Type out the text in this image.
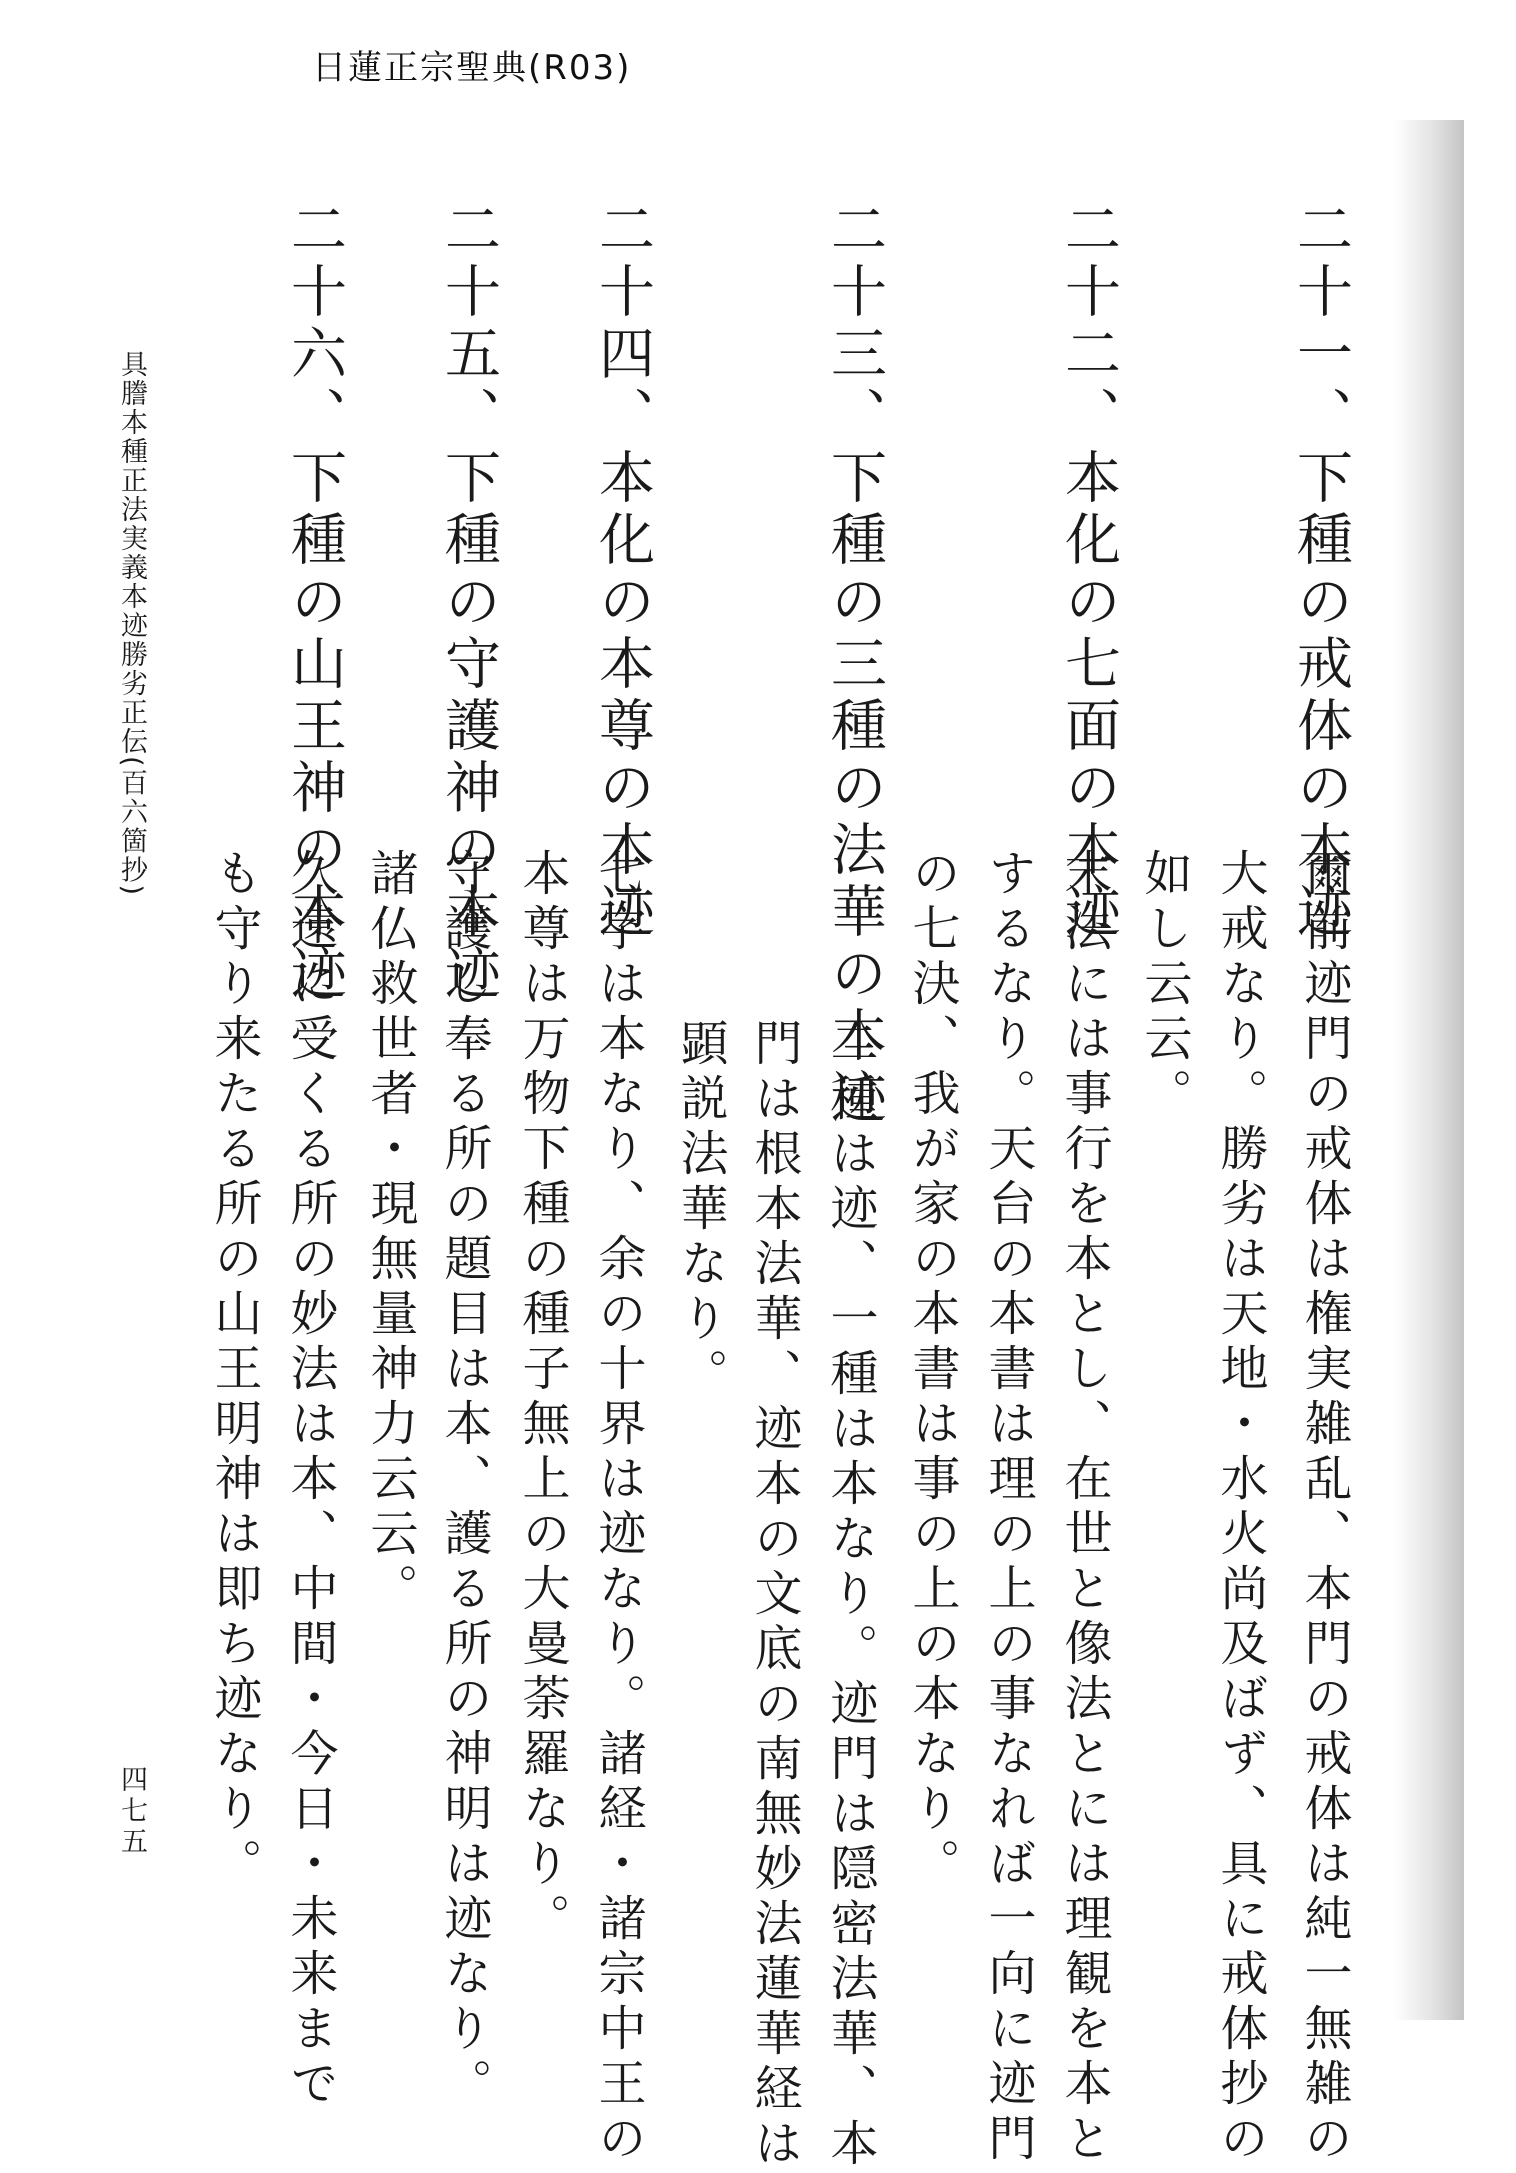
日蓮正宗聖典(R03)
二十一、下種の戒体の本迹
爾前迹門の戒体は権実雑乱、本門の戒体は純一無雑の
大戒なり。勝劣は天地・水火尚及ばず、具に戒体抄の
如し云云。
二十二、本化の七面の本迹
末法には事行を本とし、在世と像法とには理観を本と
するなり。天台の本書は理の上の事なれば一向に迹門
の七決、我が家の本書は事の上の本なり。
二十三、下種の三種の法華の本迹
二種は迹、一種は本なり。迹門は隠密法華、本
門は根本法華、迹本の文底の南無妙法蓮華経は
顕説法華なり。
二十四、本化の本尊の本迹
七字は本なり、余の十界は迹なり。諸経・諸宗中王の
本尊は万物下種の種子無上の大曼荼羅なり。
二十五、下種の守護神の本迹
守護し奉る所の題目は本、護る所の神明は迹なり。
諸仏救世者・現無量神力云云。
二十六、下種の山王神の本迹
久遠に受くる所の妙法は本、中間・今日・未来まで
も守り来たる所の山王明神は即ち迹なり。
具謄本種正法実義本迹勝劣正伝(百六箇抄)
四七五
